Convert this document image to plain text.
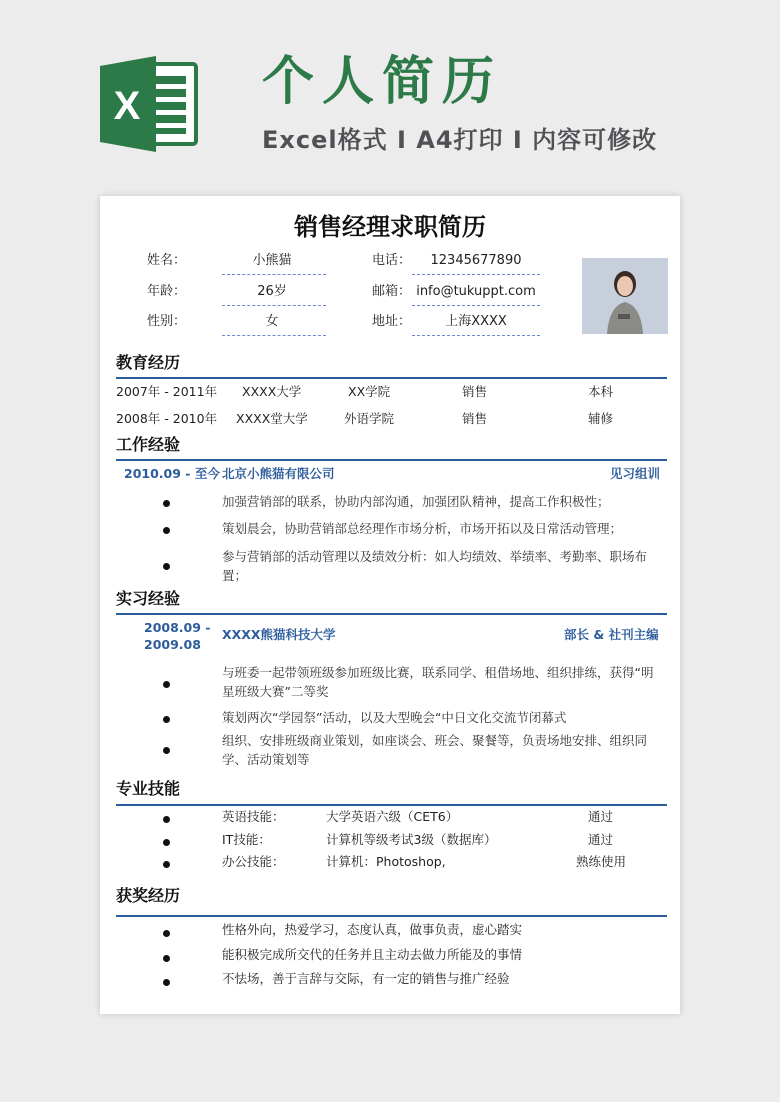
X 个人简历
Excel格式 I A4打印 I 内容可修改
销售经理求职简历
姓名：	小熊猫
年龄：	26岁
性别：	女
电话：	12345677890
邮箱： info@tukuppt.com
地址：	上海XXXX
教育经历
2007年 - 2011年 XXXX大学	XX学院	销售	本科
2008年 - 2010年 XXXX堂大学	外语学院	销售	辅修
工作经验
2010.09 - 至今 北京小熊猫有限公司	见习组训
加强营销部的联系，协助内部沟通，加强团队精神，提高工作积极性；
策划晨会，协助营销部总经理作市场分析，市场开拓以及日常活动管理；
参与营销部的活动管理以及绩效分析：如人均绩效、举绩率、考勤率、职场布置；
实习经验
2008.09 -
2009.08
XXXX熊猫科技大学	部长 & 社刊主编
与班委一起带领班级参加班级比赛，联系同学、租借场地、组织排练，获得“明星班级大赛”二等奖
策划两次“学园祭”活动，以及大型晚会“中日文化交流节闭幕式
组织、安排班级商业策划，如座谈会、班会、聚餐等，负责场地安排、组织同学、活动策划等
专业技能
英语技能：	大学英语六级（CET6）	通过
IT技能：	计算机等级考试3级（数据库）	通过
办公技能：	计算机：Photoshop,	熟练使用
获奖经历
性格外向，热爱学习，态度认真，做事负责，虚心踏实
能积极完成所交代的任务并且主动去做力所能及的事情
不怯场，善于言辞与交际，有一定的销售与推广经验
